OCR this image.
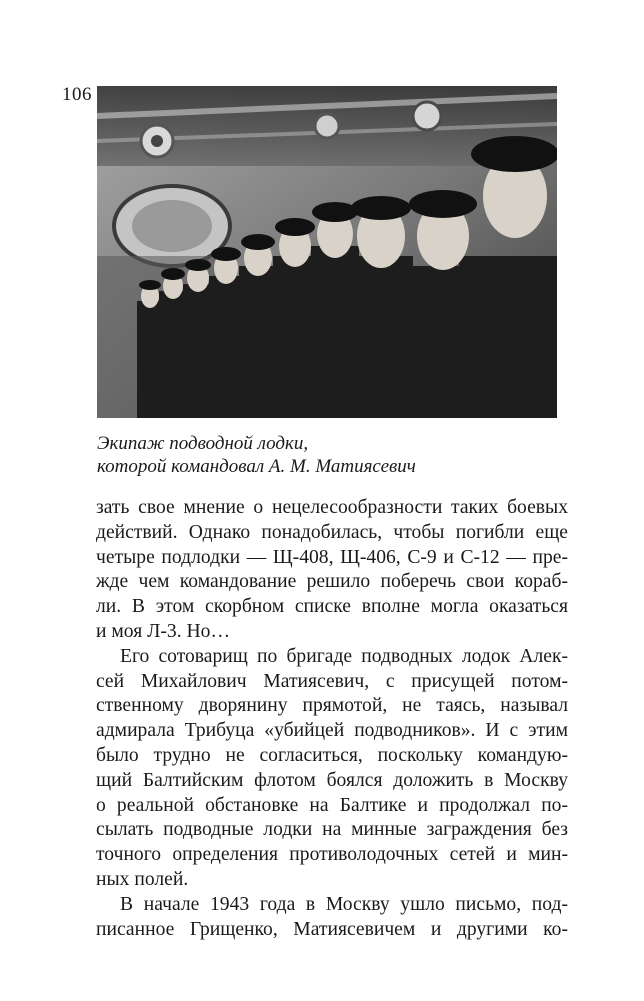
106
Экипаж подводной лодки,
которой командовал А. М. Матиясевич
зать свое мнение о нецелесообразности таких боевых
действий. Однако понадобилась, чтобы погибли еще
четыре подлодки — Щ-408, Щ-406, С-9 и С-12 — пре-
жде чем командование решило поберечь свои кораб-
ли. В этом скорбном списке вполне могла оказаться
и моя Л-3. Но…
Его сотоварищ по бригаде подводных лодок Алек-
сей Михайлович Матиясевич, с присущей потом-
ственному дворянину прямотой, не таясь, называл
адмирала Трибуца «убийцей подводников». И с этим
было трудно не согласиться, поскольку командую-
щий Балтийским флотом боялся доложить в Москву
о реальной обстановке на Балтике и продолжал по-
сылать подводные лодки на минные заграждения без
точного определения противолодочных сетей и мин-
ных полей.
В начале 1943 года в Москву ушло письмо, под-
писанное Грищенко, Матиясевичем и другими ко-
